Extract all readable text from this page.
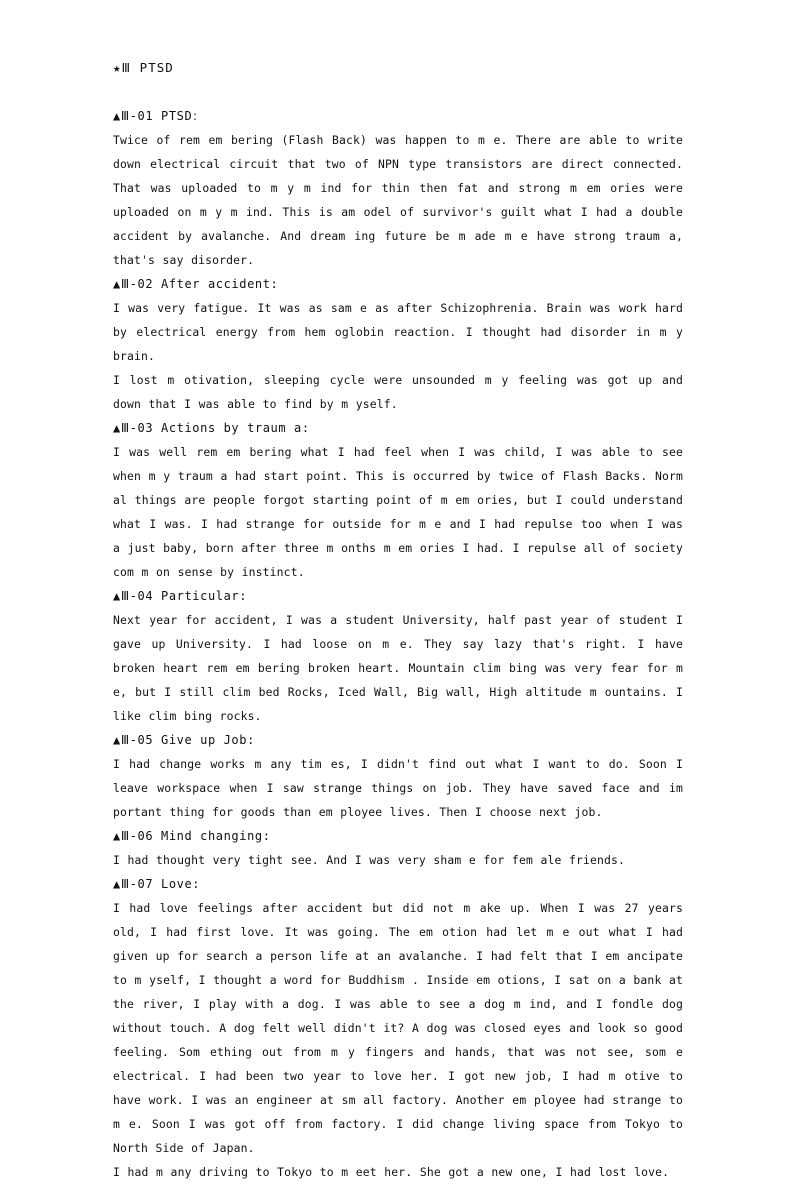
★Ⅲ PTSD
▲Ⅲ-01 PTSD：

Twice of rem em bering (Flash Back) was happen to m e. There are able to write down electrical circuit that two of NPN type transistors are direct connected. That was uploaded to m y m ind for thin then fat and strong m em ories were uploaded on m y m ind. This is am odel of survivor's guilt what I had a double accident by avalanche. And dream ing future be m ade m e have strong traum a, that's say disorder.

▲Ⅲ-02 After accident:

I was very fatigue. It was as sam e as after Schizophrenia. Brain was work hard by electrical energy from hem oglobin reaction. I thought had disorder in m y brain.

I lost m otivation, sleeping cycle were unsounded m y feeling was got up and down that I was able to find by m yself.

▲Ⅲ-03 Actions by traum a:

I was well rem em bering what I had feel when I was child, I was able to see when m y traum a had start point. This is occurred by twice of Flash Backs. Norm al things are people forgot starting point of m em ories, but I could understand what I was. I had strange for outside for m e and I had repulse too when I was a just baby, born after three m onths m em ories I had. I repulse all of society com m on sense by instinct.

▲Ⅲ-04 Particular:

Next year for accident, I was a student University, half past year of student I gave up University. I had loose on m e. They say lazy that's right. I have broken heart rem em bering broken heart. Mountain clim bing was very fear for m e, but I still clim bed Rocks, Iced Wall, Big wall, High altitude m ountains. I like clim bing rocks.

▲Ⅲ-05 Give up Job:

I had change works m any tim es, I didn't find out what I want to do. Soon I leave workspace when I saw strange things on job. They have saved face and im portant thing for goods than em ployee lives. Then I choose next job.

▲Ⅲ-06 Mind changing:

I had thought very tight see. And I was very sham e for fem ale friends.

▲Ⅲ-07 Love:

I had love feelings after accident but did not m ake up. When I was 27 years old, I had first love. It was going. The em otion had let m e out what I had given up for search a person life at an avalanche. I had felt that I em ancipate to m yself, I thought a word for Buddhism . Inside em otions, I sat on a bank at the river, I play with a dog. I was able to see a dog m ind, and I fondle dog without touch. A dog felt well didn't it? A dog was closed eyes and look so good feeling. Som ething out from m y fingers and hands, that was not see, som e electrical. I had been two year to love her. I got new job, I had m otive to have work. I was an engineer at sm all factory. Another em ployee had strange to m e. Soon I was got off from factory. I did change living space from Tokyo to North Side of Japan.

I had m any driving to Tokyo to m eet her. She got a new one, I had lost love.
